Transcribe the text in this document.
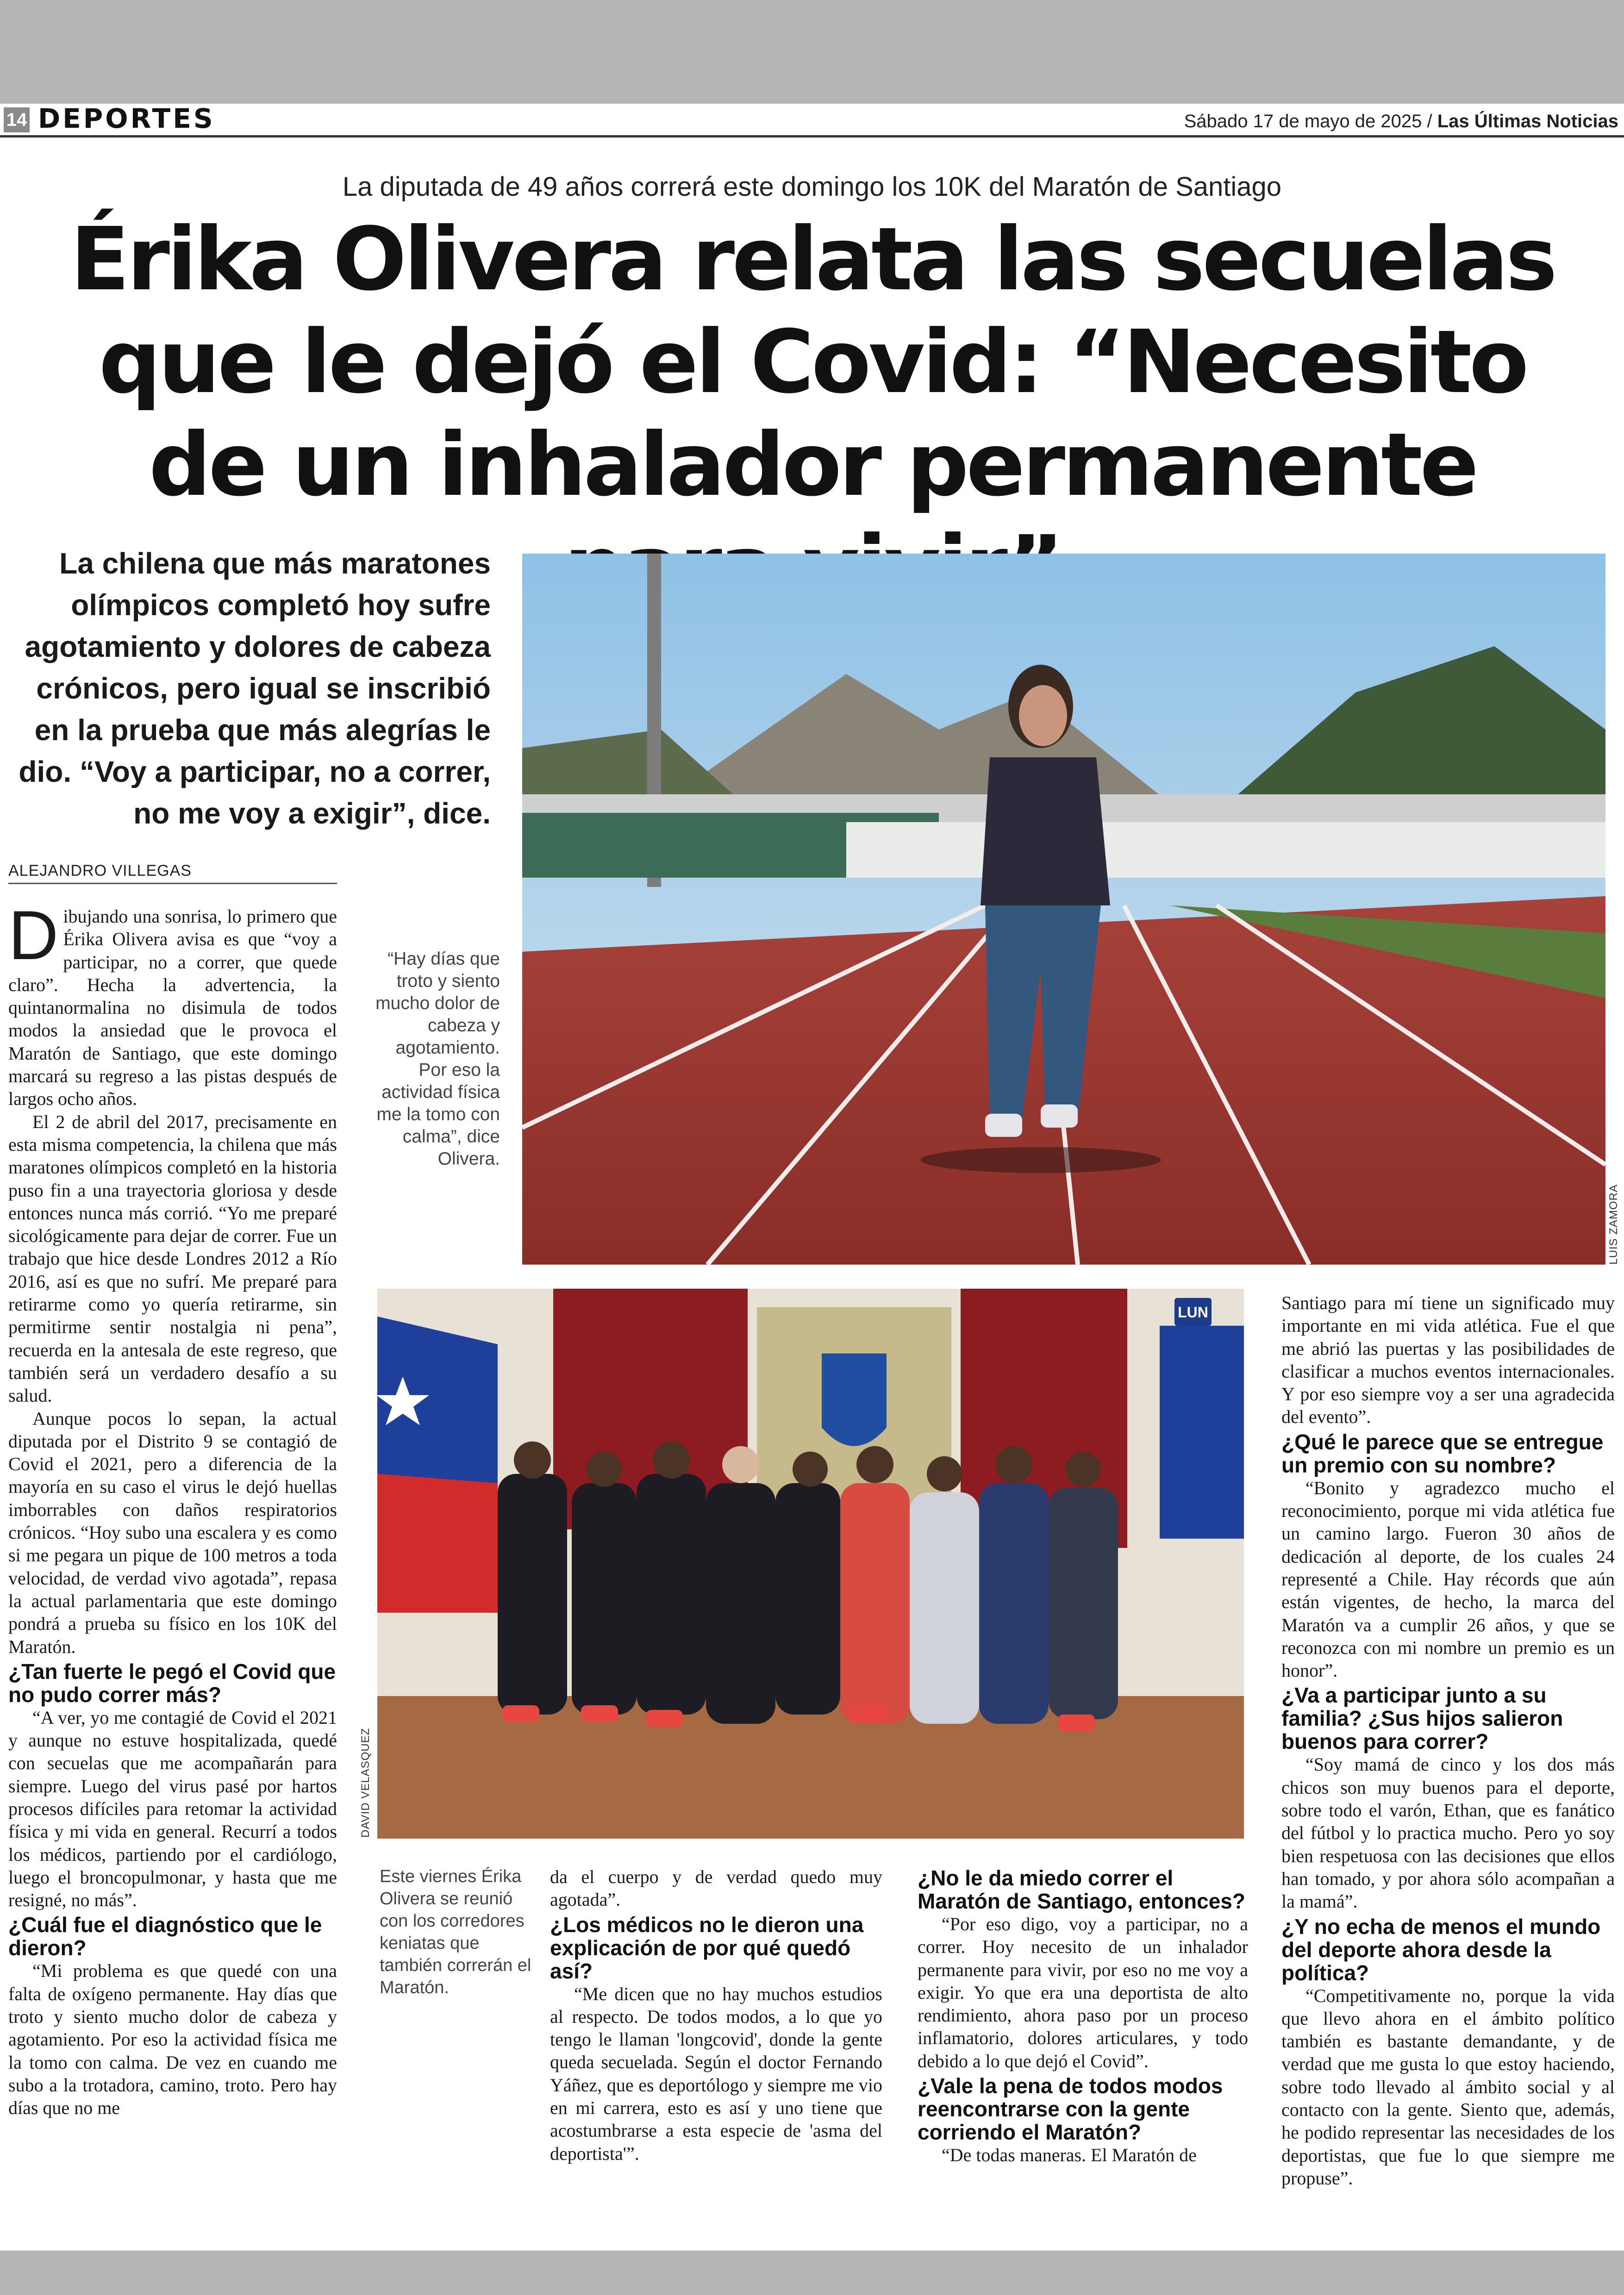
14 DEPORTES	Sábado 17 de mayo de 2025 / Las Últimas Noticias
La diputada de 49 años correrá este domingo los 10K del Maratón de Santiago
Érika Olivera relata las secuelas que le dejó el Covid: “Necesito de un inhalador permanente
La chilena que más maratones olímpicos completó hoy sufre agotamiento y dolores de cabeza crónicos, pero igual se inscribió en la prueba que más alegrías le dio. “Voy a participar, no a correr, no me voy a exigir”, dice.
ALEJANDRO VILLEGAS
LUIS ZAMORA
“Hay días que troto y siento mucho dolor de cabeza y agotamiento. Por eso la actividad física me la tomo con calma”, dice Olivera.
LUN
DAVID VELASQUEZ
Este viernes Érika Olivera se reunió con los corredores keniatas que también correrán el Maratón.

Dibujando una sonrisa, lo primero que Érika Olivera avisa es que “voy a participar, no a correr, que quede claro”. Hecha la advertencia, la quintanormalina no disimula de todos modos la ansiedad que le provoca el Maratón de Santiago, que este domingo marcará su regreso a las pistas después de largos ocho años.

El 2 de abril del 2017, precisamente en esta misma competencia, la chilena que más maratones olímpicos completó en la historia puso fin a una trayectoria gloriosa y desde entonces nunca más corrió. “Yo me preparé sicológicamente para dejar de correr. Fue un trabajo que hice desde Londres 2012 a Río 2016, así es que no sufrí. Me preparé para retirarme como yo quería retirarme, sin permitirme sentir nostalgia ni pena”, recuerda en la antesala de este regreso, que también será un verdadero desafío a su salud.

Aunque pocos lo sepan, la actual diputada por el Distrito 9 se contagió de Covid el 2021, pero a diferencia de la mayoría en su caso el virus le dejó huellas imborrables con daños respiratorios crónicos. “Hoy subo una escalera y es como si me pegara un pique de 100 metros a toda velocidad, de verdad vivo agotada”, repasa la actual parlamentaria que este domingo pondrá a prueba su físico en los 10K del Maratón.

¿Tan fuerte le pegó el Covid que no pudo correr más?

“A ver, yo me contagié de Covid el 2021 y aunque no estuve hospitalizada, quedé con secuelas que me acompañarán para siempre. Luego del virus pasé por hartos procesos difíciles para retomar la actividad física y mi vida en general. Recurrí a todos los médicos, partiendo por el cardiólogo, luego el broncopulmonar, y hasta que me resigné, no más”.

¿Cuál fue el diagnóstico que le dieron?

“Mi problema es que quedé con una falta de oxígeno permanente. Hay días que troto y siento mucho dolor de cabeza y agotamiento. Por eso la actividad física me la tomo con calma. De vez en cuando me subo a la trotadora, camino, troto. Pero hay días que no me

da el cuerpo y de verdad quedo muy agotada”.

¿Los médicos no le dieron una explicación de por qué quedó así?

“Me dicen que no hay muchos estudios al respecto. De todos modos, a lo que yo tengo le llaman 'longcovid', donde la gente queda secuelada. Según el doctor Fernando Yáñez, que es deportólogo y siempre me vio en mi carrera, esto es así y uno tiene que acostumbrarse a esta especie de 'asma del deportista'”.

¿No le da miedo correr el Maratón de Santiago, entonces?

“Por eso digo, voy a participar, no a correr. Hoy necesito de un inhalador permanente para vivir, por eso no me voy a exigir. Yo que era una deportista de alto rendimiento, ahora paso por un proceso inflamatorio, dolores articulares, y todo debido a lo que dejó el Covid”.

¿Vale la pena de todos modos reencontrarse con la gente corriendo el Maratón?

“De todas maneras. El Maratón de

Santiago para mí tiene un significado muy importante en mi vida atlética. Fue el que me abrió las puertas y las posibilidades de clasificar a muchos eventos internacionales. Y por eso siempre voy a ser una agradecida del evento”.

¿Qué le parece que se entregue un premio con su nombre?

“Bonito y agradezco mucho el reconocimiento, porque mi vida atlética fue un camino largo. Fueron 30 años de dedicación al deporte, de los cuales 24 representé a Chile. Hay récords que aún están vigentes, de hecho, la marca del Maratón va a cumplir 26 años, y que se reconozca con mi nombre un premio es un honor”.

¿Va a participar junto a su familia? ¿Sus hijos salieron buenos para correr?

“Soy mamá de cinco y los dos más chicos son muy buenos para el deporte, sobre todo el varón, Ethan, que es fanático del fútbol y lo practica mucho. Pero yo soy bien respetuosa con las decisiones que ellos han tomado, y por ahora sólo acompañan a la mamá”.

¿Y no echa de menos el mundo del deporte ahora desde la política?

“Competitivamente no, porque la vida que llevo ahora en el ámbito político también es bastante demandante, y de verdad que me gusta lo que estoy haciendo, sobre todo llevado al ámbito social y al contacto con la gente. Siento que, además, he podido representar las necesidades de los deportistas, que fue lo que siempre me propuse”.
